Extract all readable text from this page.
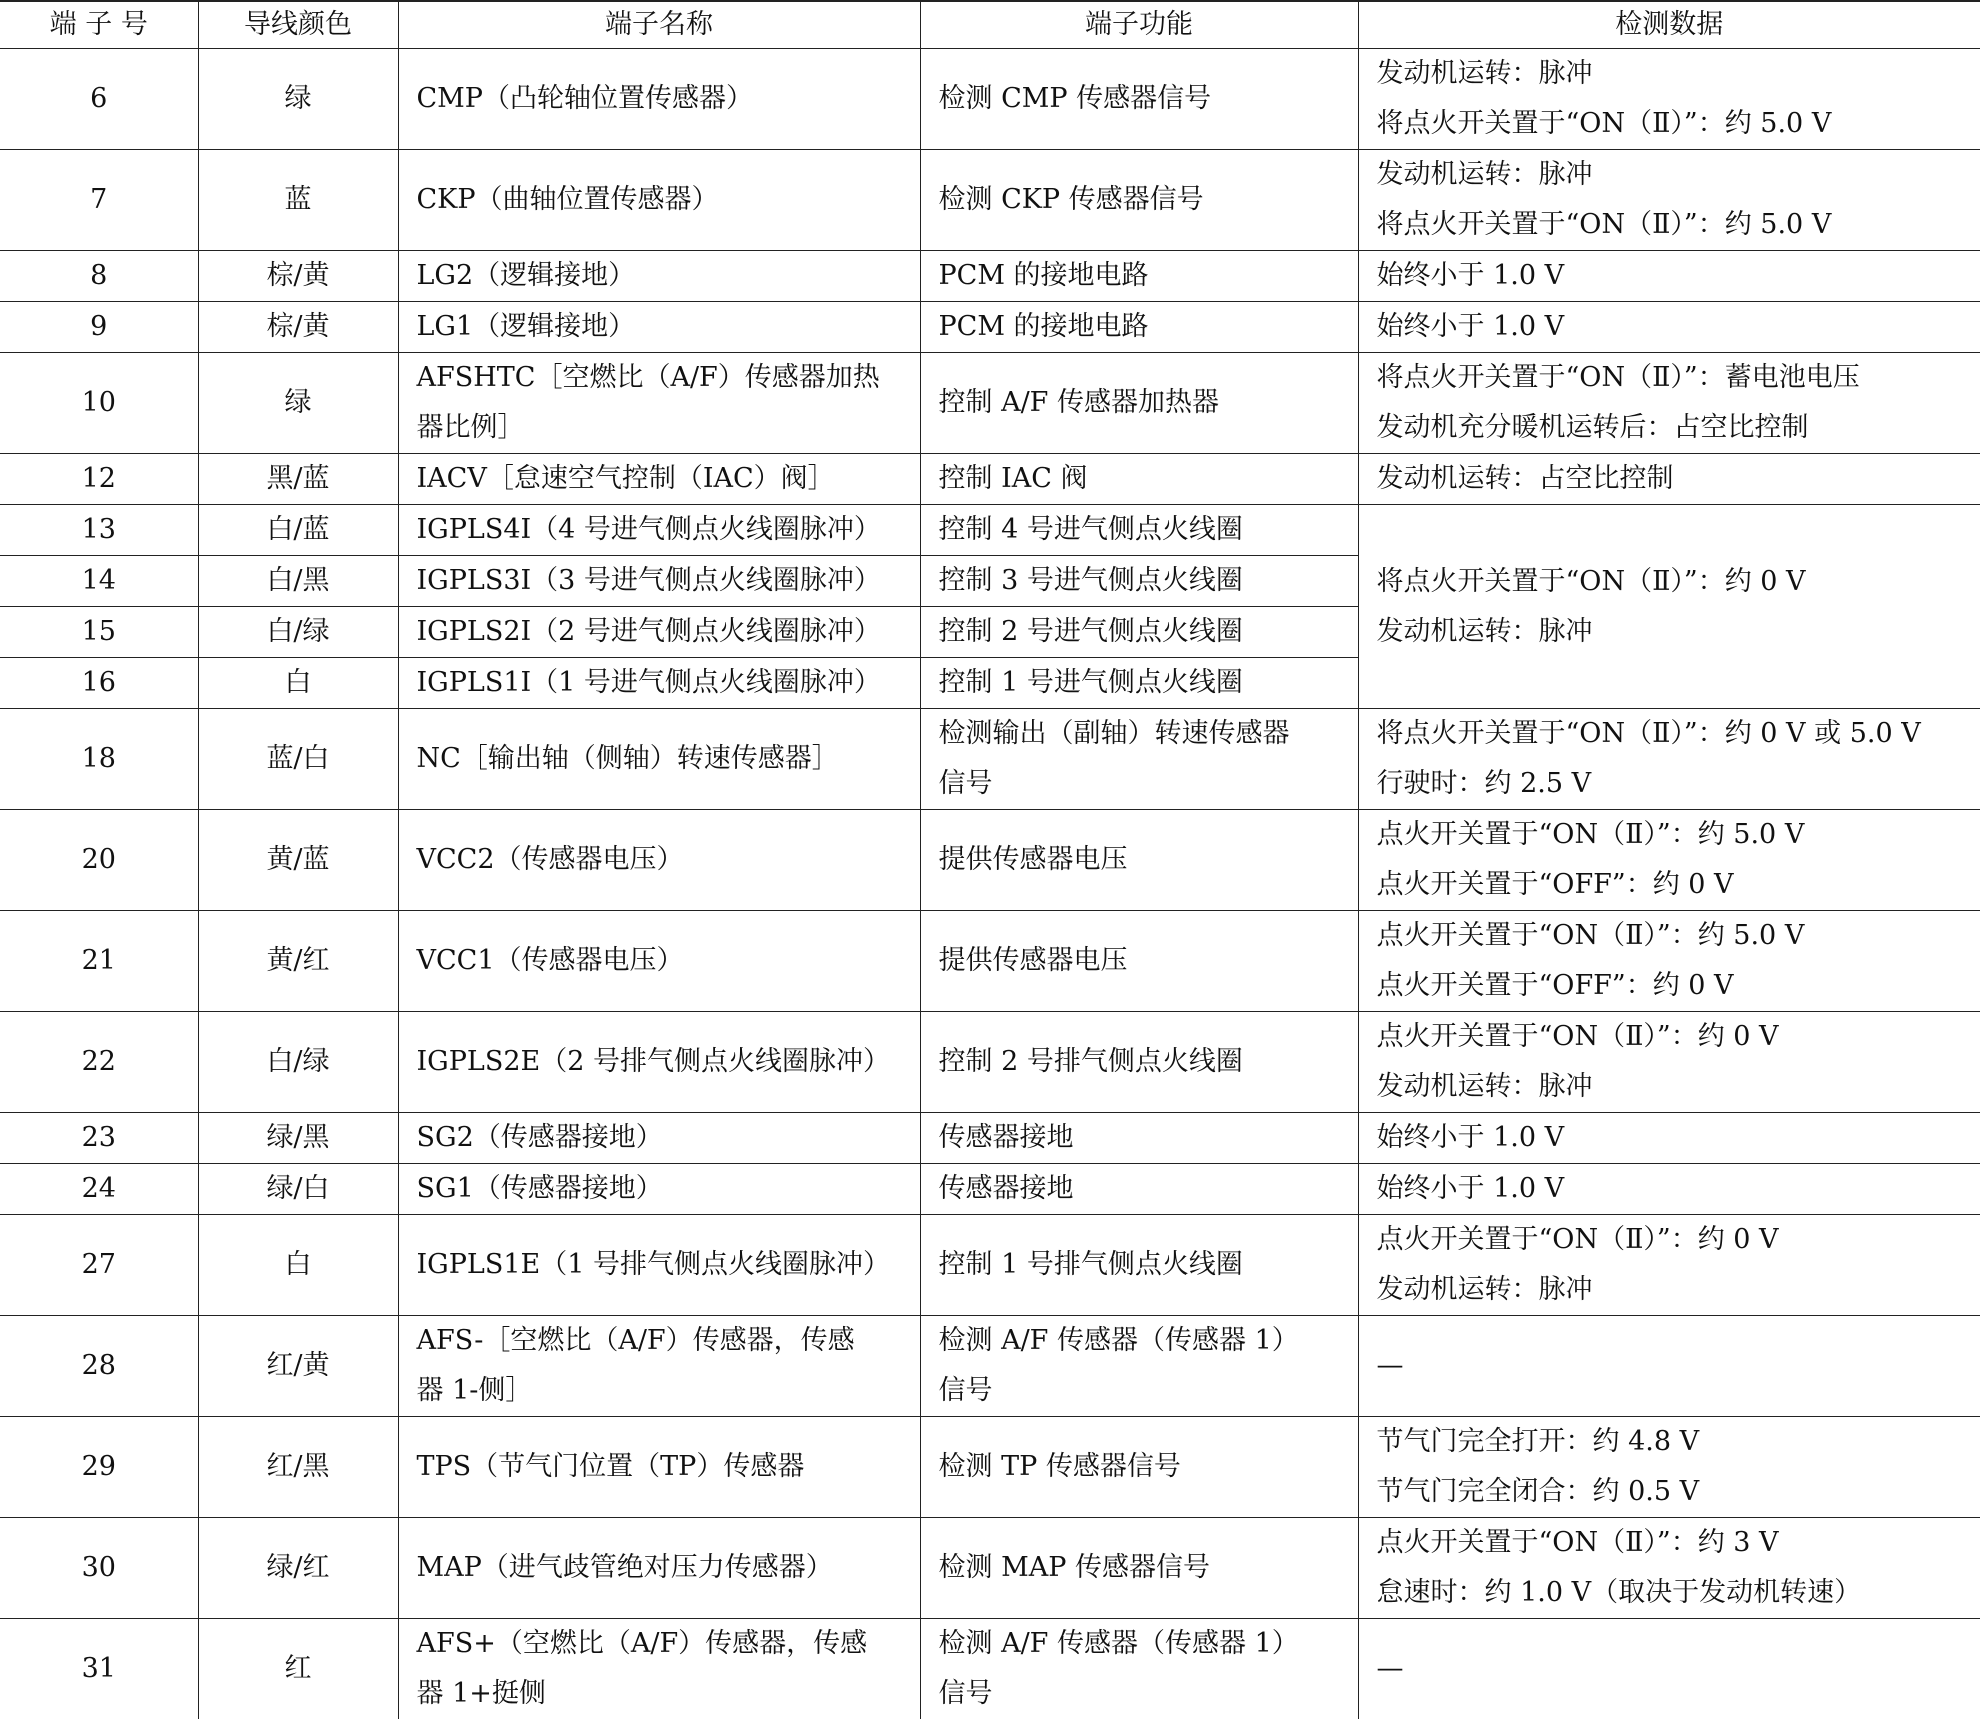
端 子 号	导线颜色	端子名称	端子功能	检测数据
6	绿	CMP（凸轮轴位置传感器）	检测 CMP 传感器信号	发动机运转：脉冲
将点火开关置于“ON（Ⅱ）”：约 5.0 V

7	蓝	CKP（曲轴位置传感器）	检测 CKP 传感器信号	发动机运转：脉冲
将点火开关置于“ON（Ⅱ）”：约 5.0 V

8	棕/黄	LG2（逻辑接地）	PCM 的接地电路	始终小于 1.0 V

9	棕/黄	LG1（逻辑接地）	PCM 的接地电路	始终小于 1.0 V

10	绿	AFSHTC［空燃比（A/F）传感器加热
器比例］	控制 A/F 传感器加热器	将点火开关置于“ON（Ⅱ）”：蓄电池电压
发动机充分暖机运转后：占空比控制

12	黑/蓝	IACV［怠速空气控制（IAC）阀］	控制 IAC 阀	发动机运转：占空比控制

13	白/蓝	IGPLS4I（4 号进气侧点火线圈脉冲）	控制 4 号进气侧点火线圈	将点火开关置于“ON（Ⅱ）”：约 0 V
发动机运转：脉冲

14	白/黑	IGPLS3I（3 号进气侧点火线圈脉冲）	控制 3 号进气侧点火线圈	

15	白/绿	IGPLS2I（2 号进气侧点火线圈脉冲）	控制 2 号进气侧点火线圈	

16	白	IGPLS1I（1 号进气侧点火线圈脉冲）	控制 1 号进气侧点火线圈	

18	蓝/白	NC［输出轴（侧轴）转速传感器］	检测输出（副轴）转速传感器
信号	将点火开关置于“ON（Ⅱ）”：约 0 V 或 5.0 V
行驶时：约 2.5 V

20	黄/蓝	VCC2（传感器电压）	提供传感器电压	点火开关置于“ON（Ⅱ）”：约 5.0 V
点火开关置于“OFF”：约 0 V

21	黄/红	VCC1（传感器电压）	提供传感器电压	点火开关置于“ON（Ⅱ）”：约 5.0 V
点火开关置于“OFF”：约 0 V

22	白/绿	IGPLS2E（2 号排气侧点火线圈脉冲）	控制 2 号排气侧点火线圈	点火开关置于“ON（Ⅱ）”：约 0 V
发动机运转：脉冲

23	绿/黑	SG2（传感器接地）	传感器接地	始终小于 1.0 V

24	绿/白	SG1（传感器接地）	传感器接地	始终小于 1.0 V

27	白	IGPLS1E（1 号排气侧点火线圈脉冲）	控制 1 号排气侧点火线圈	点火开关置于“ON（Ⅱ）”：约 0 V
发动机运转：脉冲

28	红/黄	AFS-［空燃比（A/F）传感器，传感
器 1-侧］	检测 A/F 传感器（传感器 1）
信号	—

29	红/黑	TPS（节气门位置（TP）传感器	检测 TP 传感器信号	节气门完全打开：约 4.8 V
节气门完全闭合：约 0.5 V

30	绿/红	MAP（进气歧管绝对压力传感器）	检测 MAP 传感器信号	点火开关置于“ON（Ⅱ）”：约 3 V
怠速时：约 1.0 V（取决于发动机转速）

31	红	AFS+（空燃比（A/F）传感器，传感
器 1+挺侧	检测 A/F 传感器（传感器 1）
信号	—
